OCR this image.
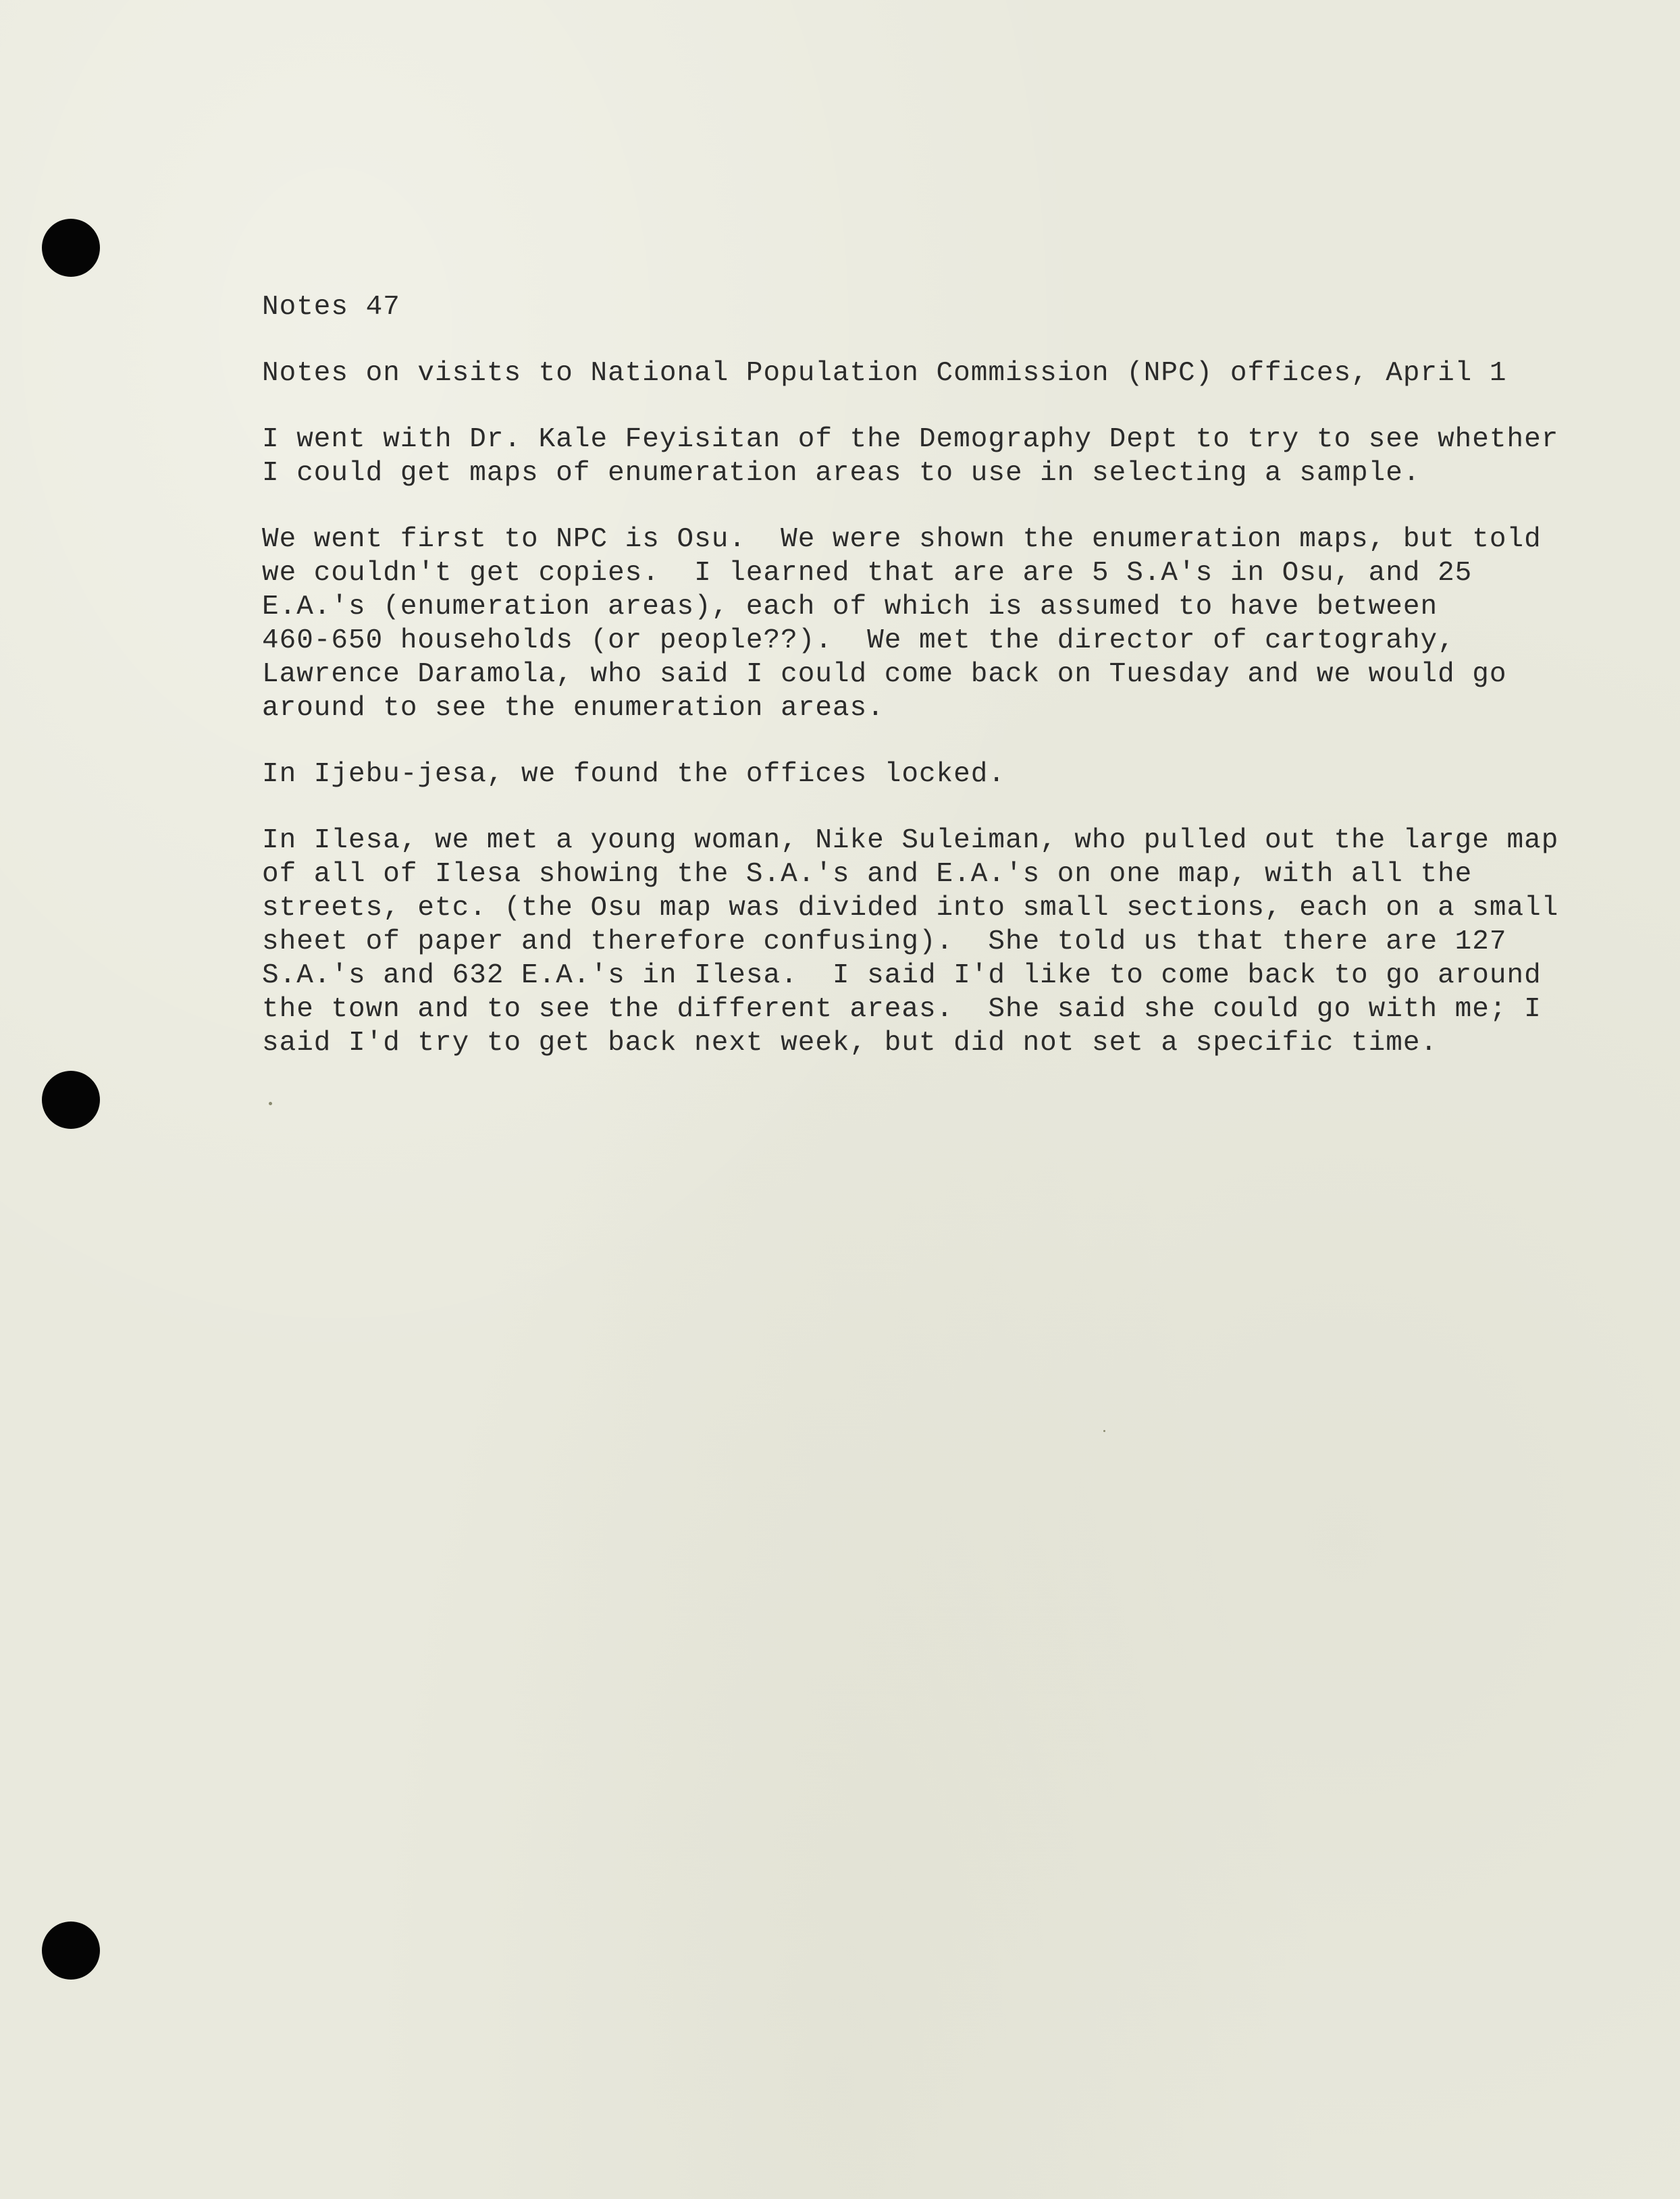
Notes 47
Notes on visits to National Population Commission (NPC) offices, April 1
I went with Dr. Kale Feyisitan of the Demography Dept to try to see whether
I could get maps of enumeration areas to use in selecting a sample.
We went first to NPC is Osu.  We were shown the enumeration maps, but told
we couldn't get copies.  I learned that are are 5 S.A's in Osu, and 25
E.A.'s (enumeration areas), each of which is assumed to have between
460-650 households (or people??).  We met the director of cartograhy,
Lawrence Daramola, who said I could come back on Tuesday and we would go
around to see the enumeration areas.
In Ijebu-jesa, we found the offices locked.
In Ilesa, we met a young woman, Nike Suleiman, who pulled out the large map
of all of Ilesa showing the S.A.'s and E.A.'s on one map, with all the
streets, etc. (the Osu map was divided into small sections, each on a small
sheet of paper and therefore confusing).  She told us that there are 127
S.A.'s and 632 E.A.'s in Ilesa.  I said I'd like to come back to go around
the town and to see the different areas.  She said she could go with me; I
said I'd try to get back next week, but did not set a specific time.
